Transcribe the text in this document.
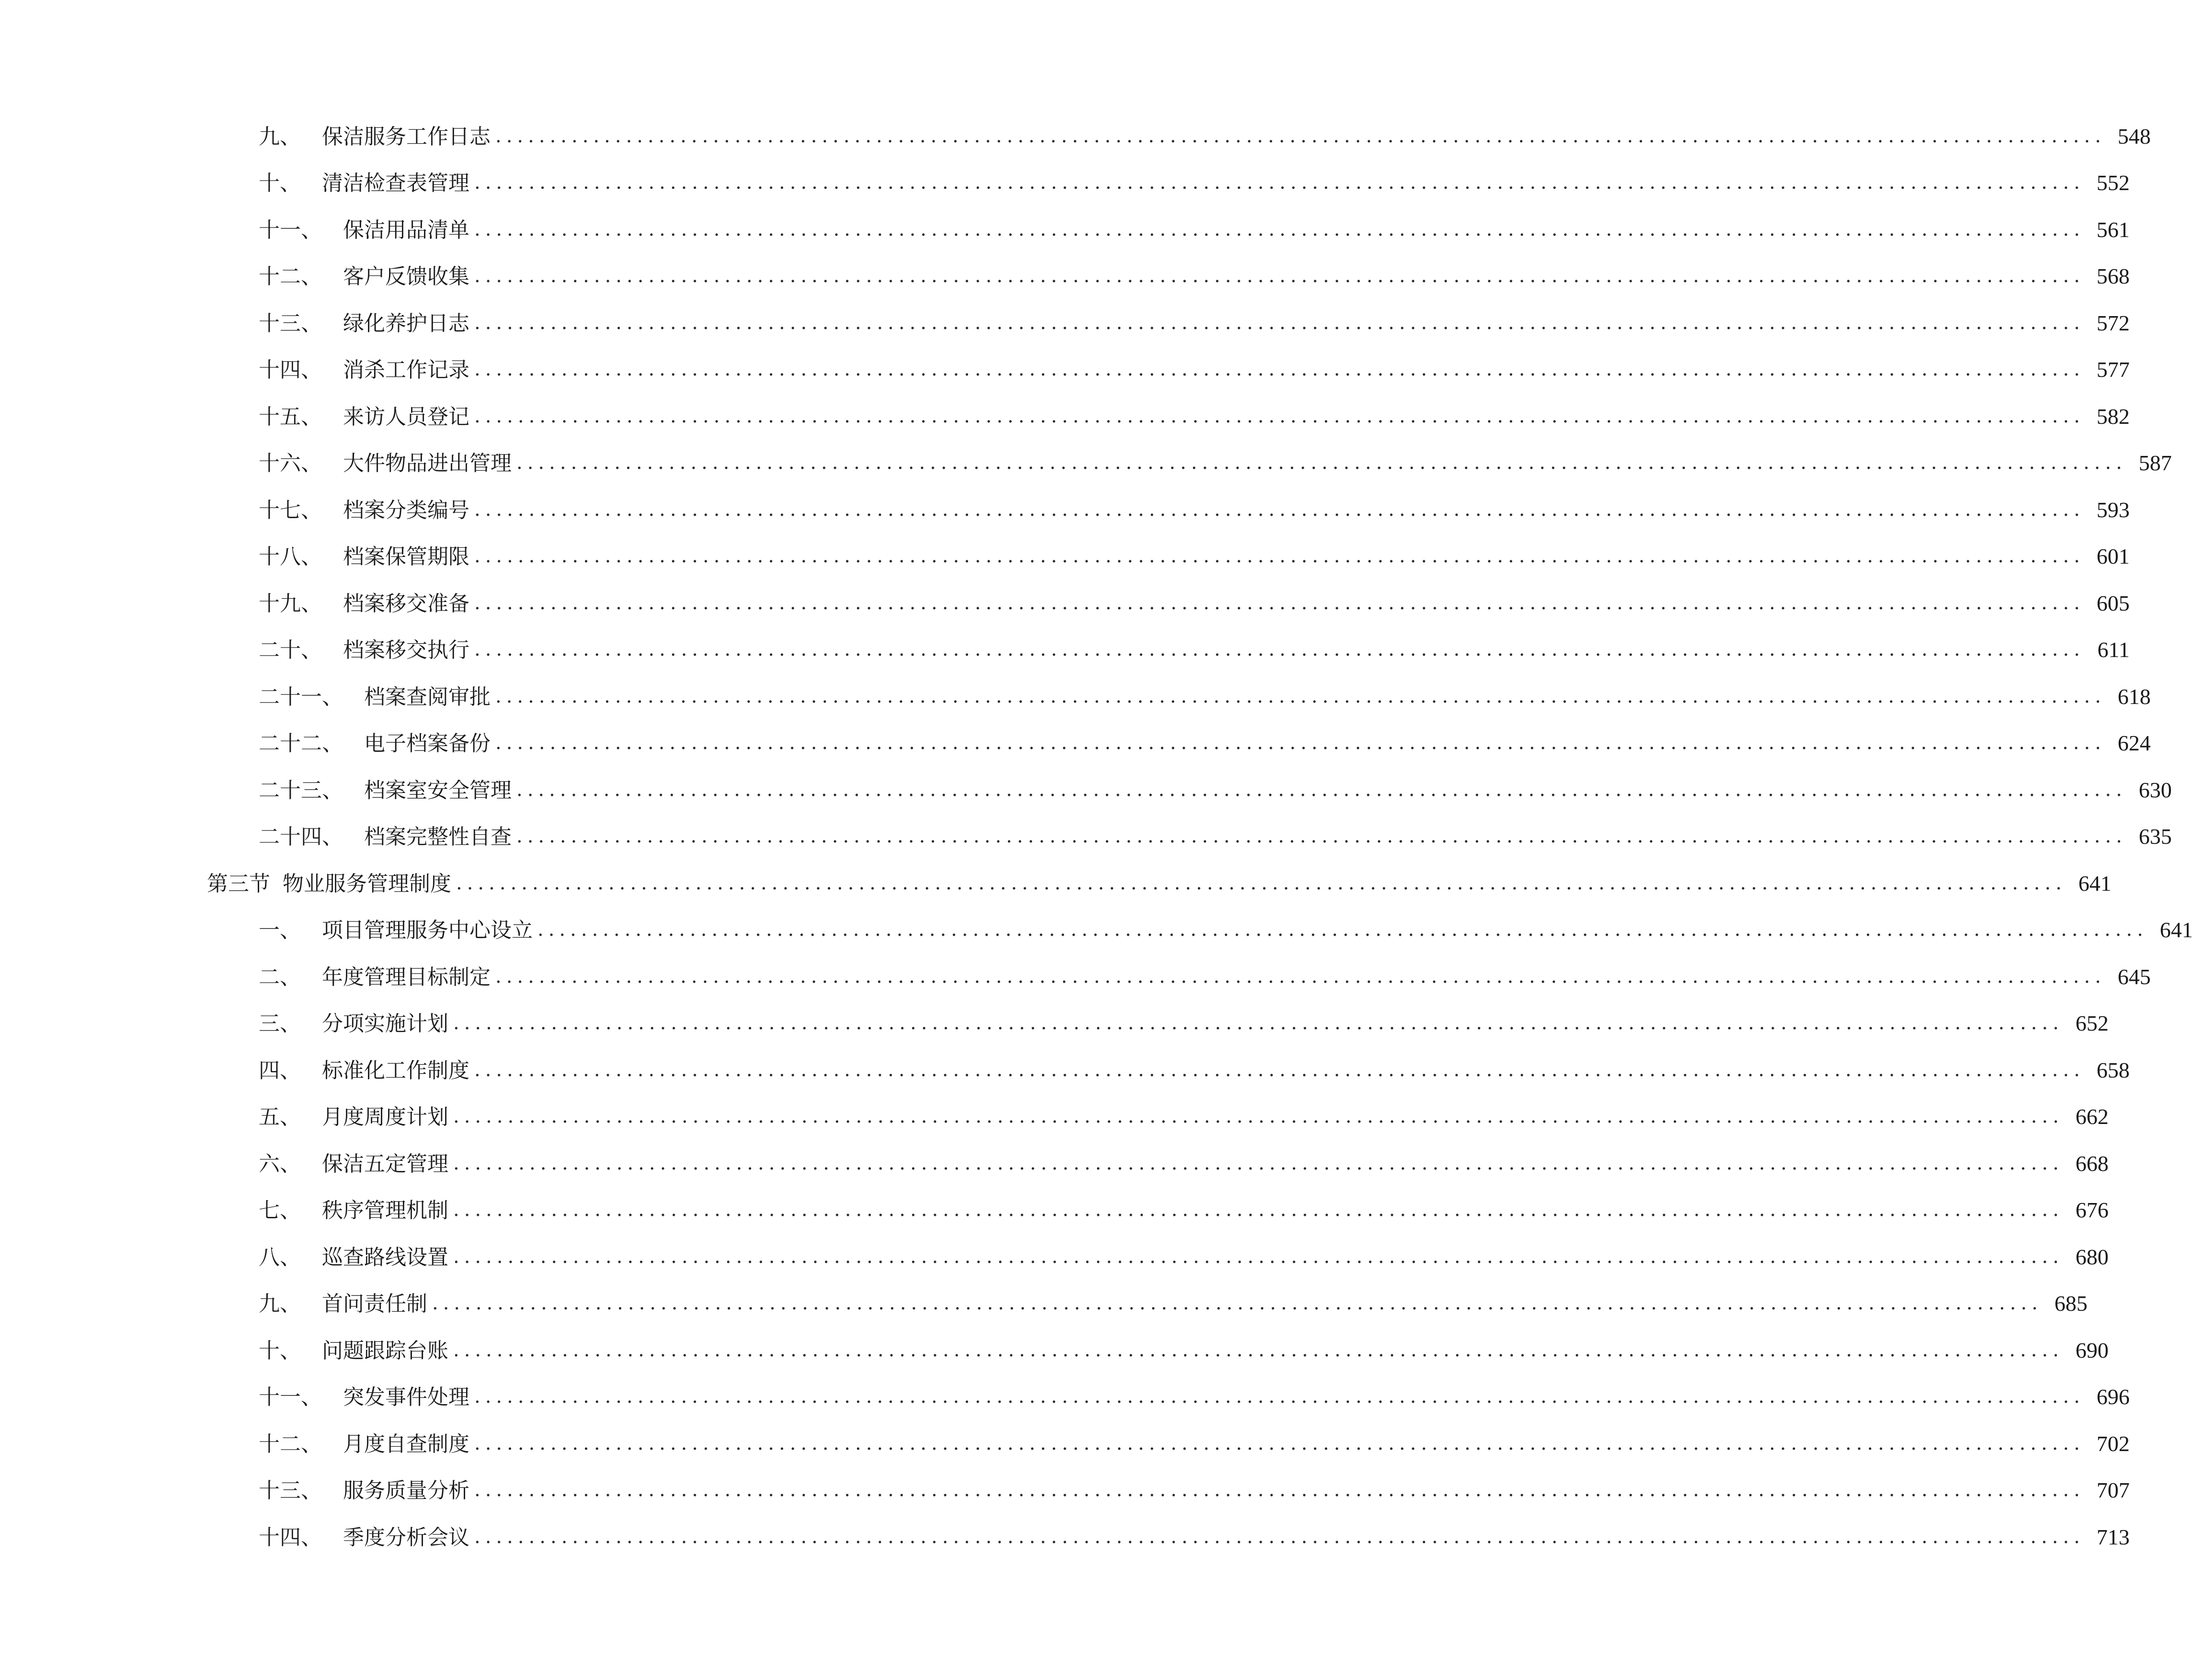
九、	保洁服务工作日志 .................................................................................................................................................... 548
十、	清洁检查表管理 .................................................................................................................................................... 552
十一、	保洁用品清单 .................................................................................................................................................... 561
十二、	客户反馈收集 .................................................................................................................................................... 568
十三、	绿化养护日志 .................................................................................................................................................... 572
十四、	消杀工作记录 .................................................................................................................................................... 577
十五、	来访人员登记 .................................................................................................................................................... 582
十六、	大件物品进出管理 .................................................................................................................................................... 587
十七、	档案分类编号 .................................................................................................................................................... 593
十八、	档案保管期限 .................................................................................................................................................... 601
十九、	档案移交准备 .................................................................................................................................................... 605
二十、	档案移交执行 .................................................................................................................................................... 611
二十一、	档案查阅审批 .................................................................................................................................................... 618
二十二、	电子档案备份 .................................................................................................................................................... 624
二十三、	档案室安全管理 .................................................................................................................................................... 630
二十四、	档案完整性自查 .................................................................................................................................................... 635
第三节 物业服务管理制度 .................................................................................................................................................... 641
一、	项目管理服务中心设立 .................................................................................................................................................... 641
二、	年度管理目标制定 .................................................................................................................................................... 645
三、	分项实施计划 .................................................................................................................................................... 652
四、	标准化工作制度 .................................................................................................................................................... 658
五、	月度周度计划 .................................................................................................................................................... 662
六、	保洁五定管理 .................................................................................................................................................... 668
七、	秩序管理机制 .................................................................................................................................................... 676
八、	巡查路线设置 .................................................................................................................................................... 680
九、	首问责任制 .................................................................................................................................................... 685
十、	问题跟踪台账 .................................................................................................................................................... 690
十一、	突发事件处理 .................................................................................................................................................... 696
十二、	月度自查制度 .................................................................................................................................................... 702
十三、	服务质量分析 .................................................................................................................................................... 707
十四、	季度分析会议 .................................................................................................................................................... 713
